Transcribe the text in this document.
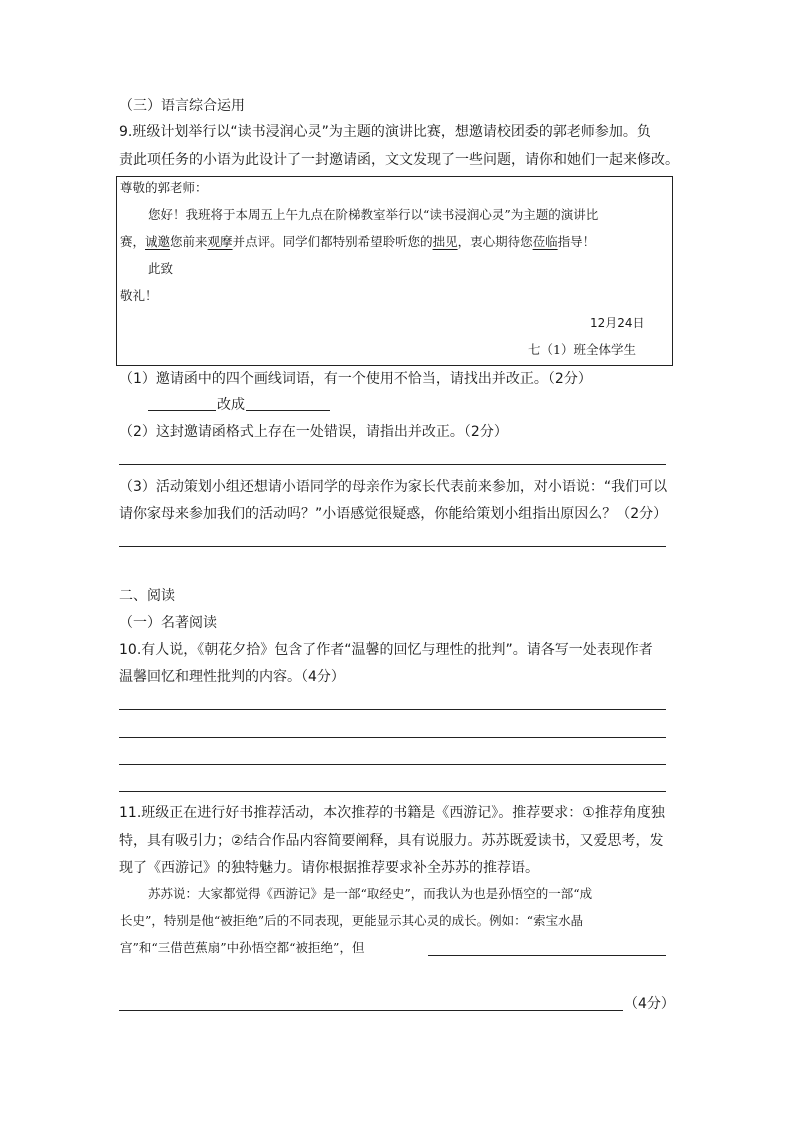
（三）语言综合运用
9.班级计划举行以“读书浸润心灵”为主题的演讲比赛，想邀请校团委的郭老师参加。负
责此项任务的小语为此设计了一封邀请函，文文发现了一些问题，请你和她们一起来修改。
尊敬的郭老师：
您好！我班将于本周五上午九点在阶梯教室举行以“读书浸润心灵”为主题的演讲比
赛，诚邀您前来观摩并点评。同学们都特别希望聆听您的拙见，衷心期待您莅临指导！
此致
敬礼！
12月24日
七（1）班全体学生
（1）邀请函中的四个画线词语，有一个使用不恰当，请找出并改正。（2分）
改成
（2）这封邀请函格式上存在一处错误，请指出并改正。（2分）
（3）活动策划小组还想请小语同学的母亲作为家长代表前来参加，对小语说：“我们可以
请你家母来参加我们的活动吗？”小语感觉很疑惑，你能给策划小组指出原因么？（2分）
二、阅读
（一）名著阅读
10.有人说，《朝花夕拾》包含了作者“温馨的回忆与理性的批判”。请各写一处表现作者
温馨回忆和理性批判的内容。（4分）
11.班级正在进行好书推荐活动，本次推荐的书籍是《西游记》。推荐要求：①推荐角度独
特，具有吸引力；②结合作品内容简要阐释，具有说服力。苏苏既爱读书，又爱思考，发
现了《西游记》的独特魅力。请你根据推荐要求补全苏苏的推荐语。
苏苏说：大家都觉得《西游记》是一部“取经史”，而我认为也是孙悟空的一部“成
长史”，特别是他“被拒绝”后的不同表现，更能显示其心灵的成长。例如：“索宝水晶
宫”和“三借芭蕉扇”中孙悟空都“被拒绝”，但
（4分）
